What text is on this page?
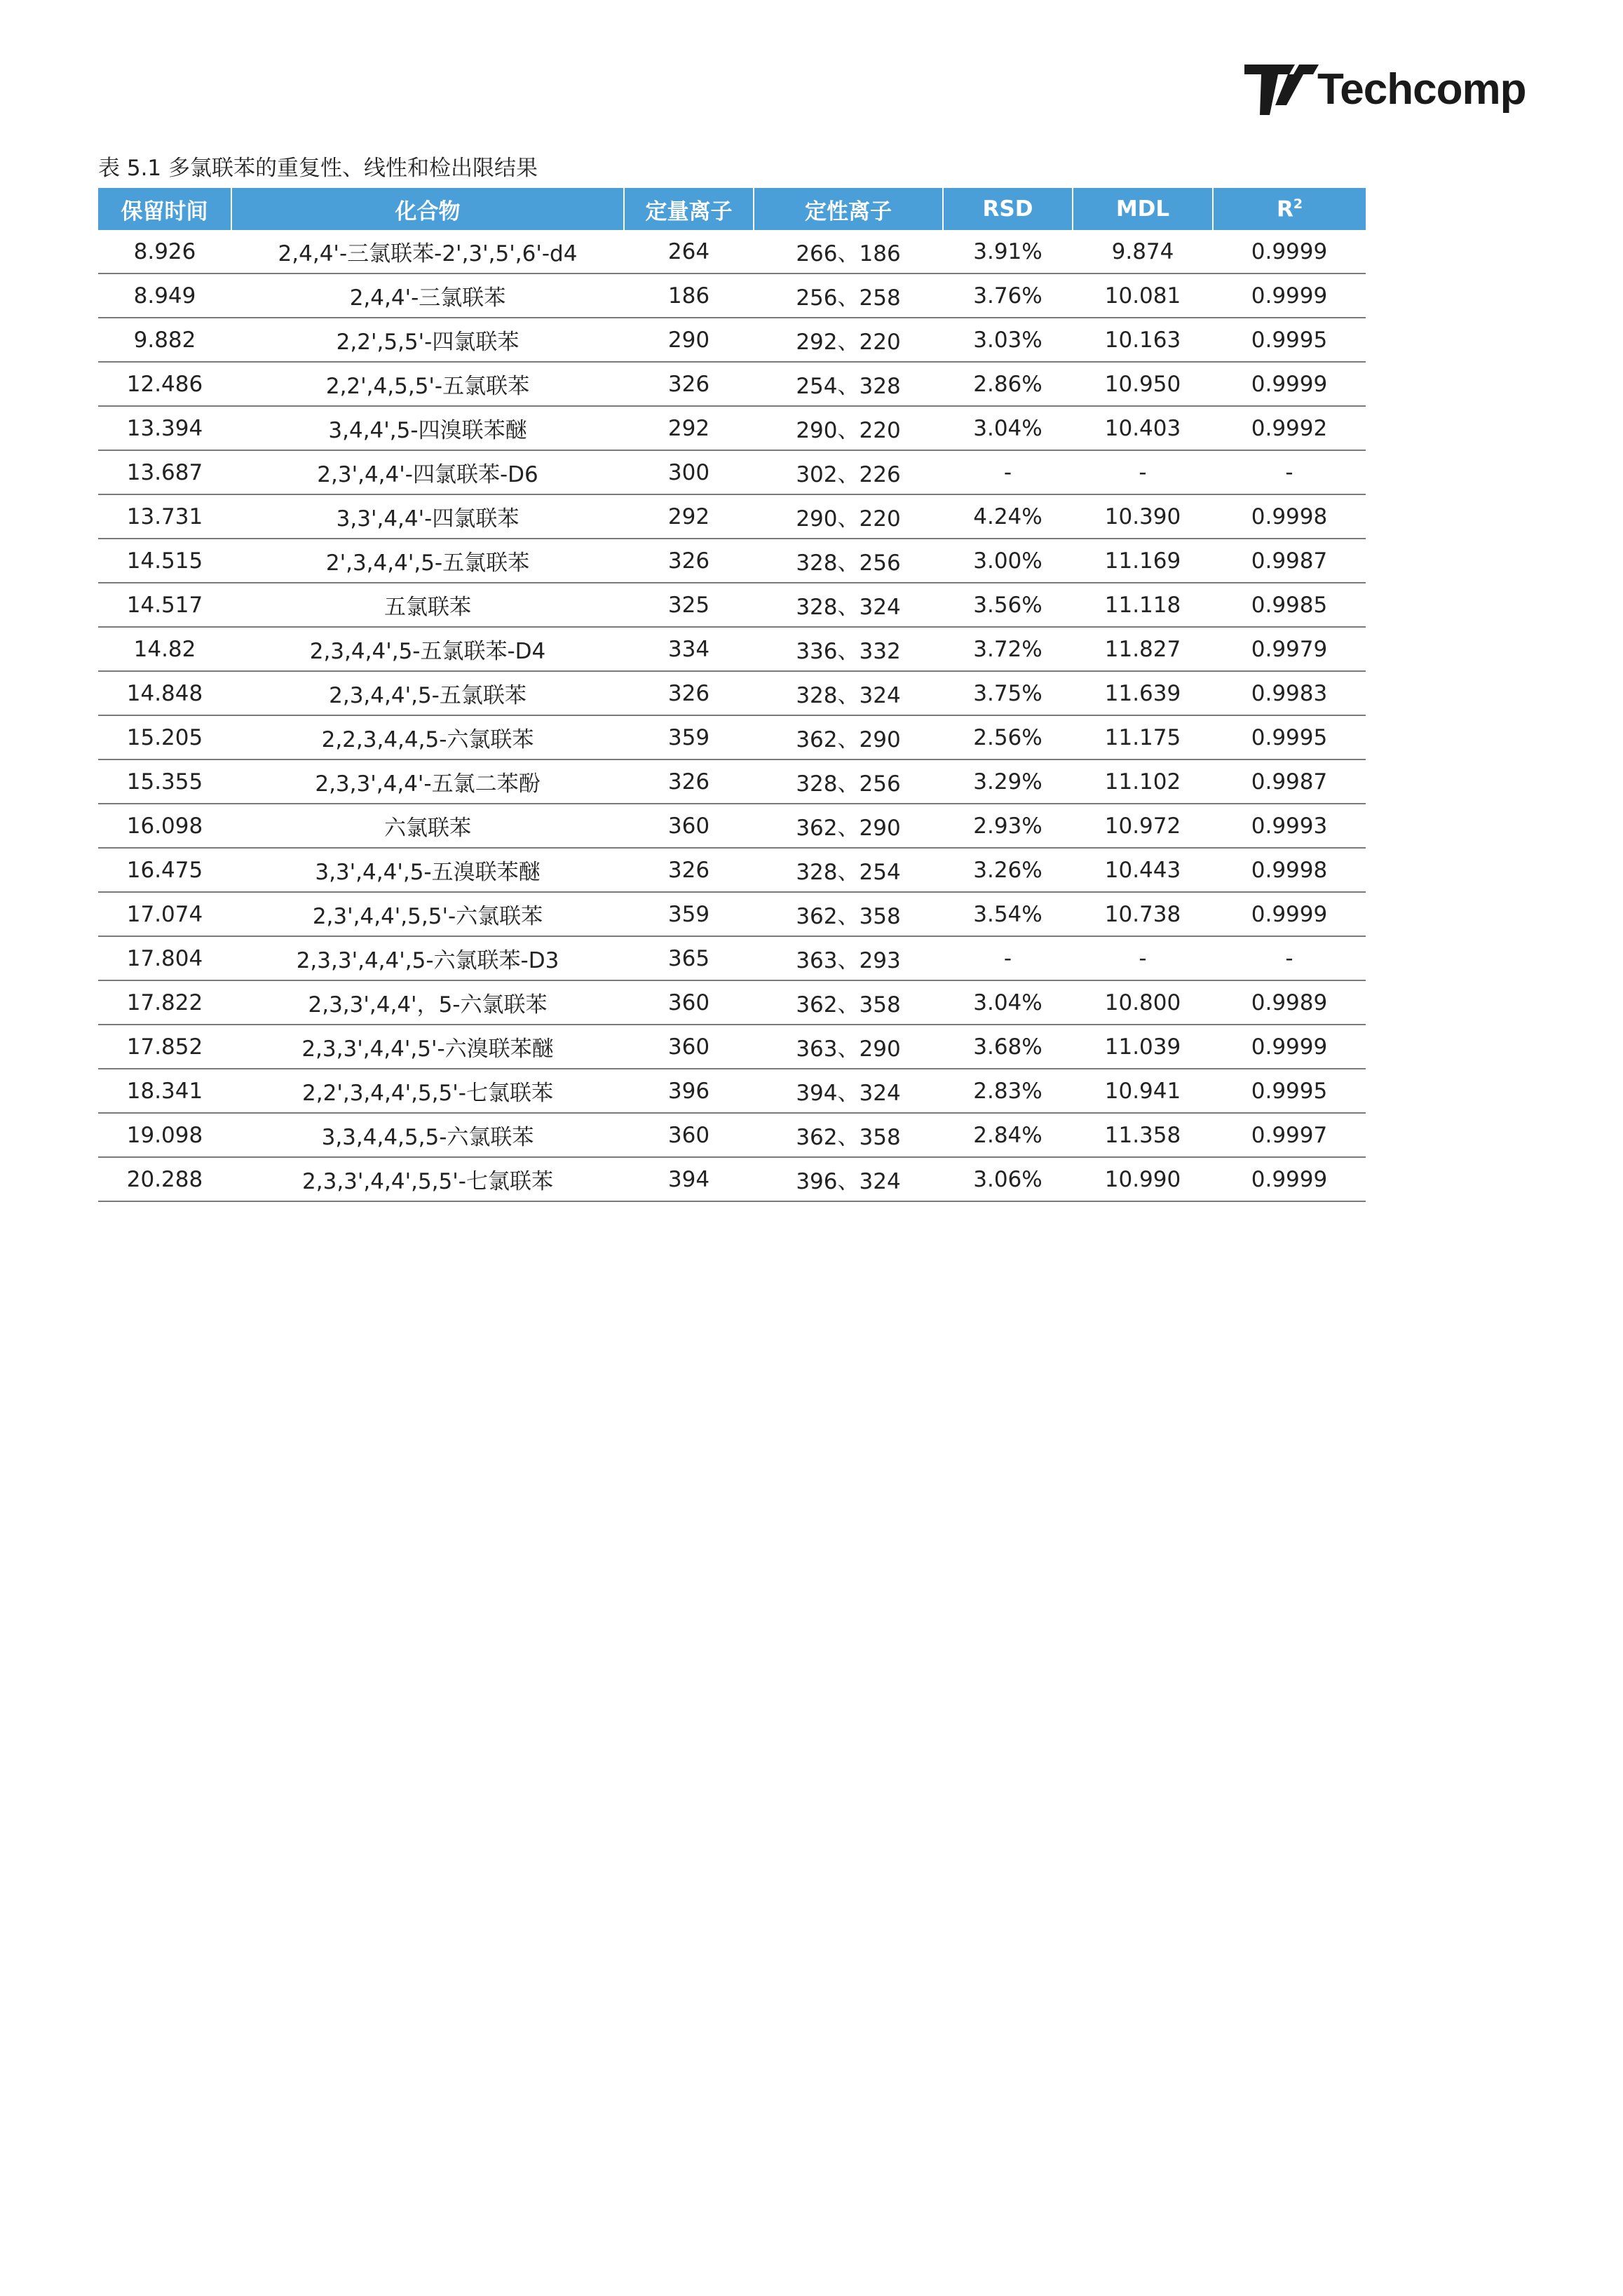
Techcomp
表 5.1 多氯联苯的重复性、线性和检出限结果
保留时间	化合物	定量离子	定性离子	RSD	MDL	$R^2$
8.926	2,4,4'-三氯联苯-2',3',5',6'-d4	264	266、186	3.91%	9.874	0.9999
8.949	2,4,4'-三氯联苯	186	256、258	3.76%	10.081	0.9999
9.882	2,2',5,5'-四氯联苯	290	292、220	3.03%	10.163	0.9995
12.486	2,2',4,5,5'-五氯联苯	326	254、328	2.86%	10.950	0.9999
13.394	3,4,4',5-四溴联苯醚	292	290、220	3.04%	10.403	0.9992
13.687	2,3',4,4'-四氯联苯-D6	300	302、226	-	-	-
13.731	3,3',4,4'-四氯联苯	292	290、220	4.24%	10.390	0.9998
14.515	2',3,4,4',5-五氯联苯	326	328、256	3.00%	11.169	0.9987
14.517	五氯联苯	325	328、324	3.56%	11.118	0.9985
14.82	2,3,4,4',5-五氯联苯-D4	334	336、332	3.72%	11.827	0.9979
14.848	2,3,4,4',5-五氯联苯	326	328、324	3.75%	11.639	0.9983
15.205	2,2,3,4,4,5-六氯联苯	359	362、290	2.56%	11.175	0.9995
15.355	2,3,3',4,4'-五氯二苯酚	326	328、256	3.29%	11.102	0.9987
16.098	六氯联苯	360	362、290	2.93%	10.972	0.9993
16.475	3,3',4,4',5-五溴联苯醚	326	328、254	3.26%	10.443	0.9998
17.074	2,3',4,4',5,5'-六氯联苯	359	362、358	3.54%	10.738	0.9999
17.804	2,3,3',4,4',5-六氯联苯-D3	365	363、293	-	-	-
17.822	2,3,3',4,4'，5-六氯联苯	360	362、358	3.04%	10.800	0.9989
17.852	2,3,3',4,4',5'-六溴联苯醚	360	363、290	3.68%	11.039	0.9999
18.341	2,2',3,4,4',5,5'-七氯联苯	396	394、324	2.83%	10.941	0.9995
19.098	3,3,4,4,5,5-六氯联苯	360	362、358	2.84%	11.358	0.9997
20.288	2,3,3',4,4',5,5'-七氯联苯	394	396、324	3.06%	10.990	0.9999
